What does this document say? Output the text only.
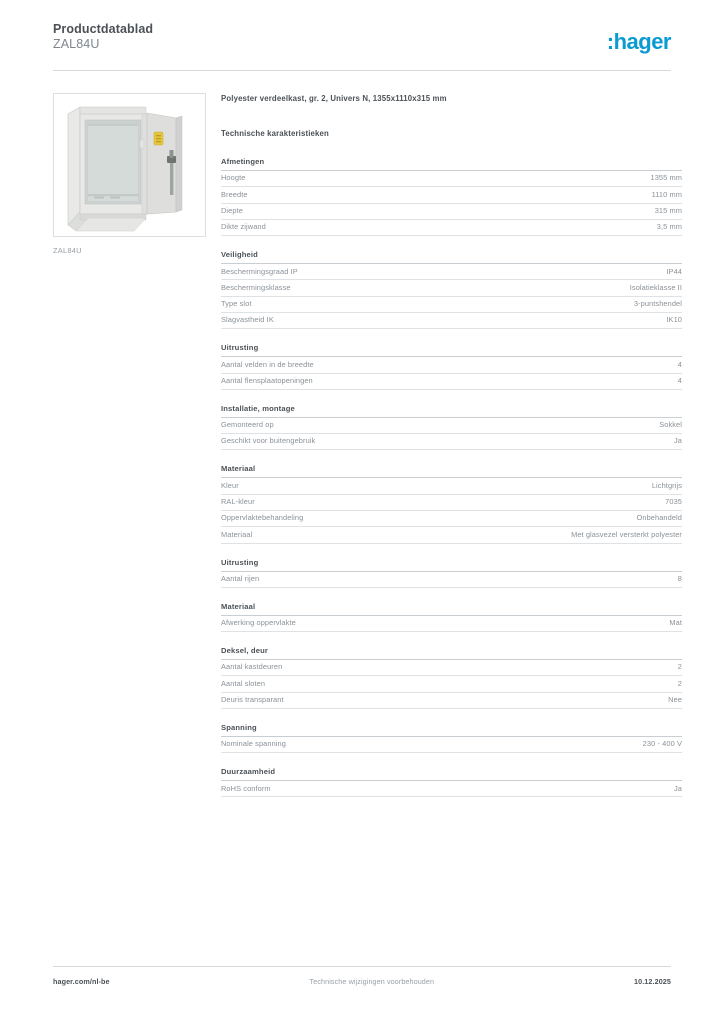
Productdatablad
ZAL84U	:hager
ZAL84U
Polyester verdeelkast, gr. 2, Univers N, 1355x1110x315 mm
Technische karakteristieken
Afmetingen
Hoogte	1355 mm
Breedte	1110 mm
Diepte	315 mm
Dikte zijwand	3,5 mm
Veiligheid
Beschermingsgraad IP	IP44
Beschermingsklasse	Isolatieklasse II
Type slot	3-puntshendel
Slagvastheid IK	IK10
Uitrusting
Aantal velden in de breedte	4
Aantal flensplaatopeningen	4
Installatie, montage
Gemonteerd op	Sokkel
Geschikt voor buitengebruik	Ja
Materiaal
Kleur	Lichtgrijs
RAL-kleur	7035
Oppervlaktebehandeling	Onbehandeld
Materiaal	Met glasvezel versterkt polyester
Uitrusting
Aantal rijen	8
Materiaal
Afwerking oppervlakte	Mat
Deksel, deur
Aantal kastdeuren	2
Aantal sloten	2
Deuris transparant	Nee
Spanning
Nominale spanning	230 - 400 V
Duurzaamheid
RoHS conform	Ja
hager.com/nl-be	Technische wijzigingen voorbehouden	10.12.2025
